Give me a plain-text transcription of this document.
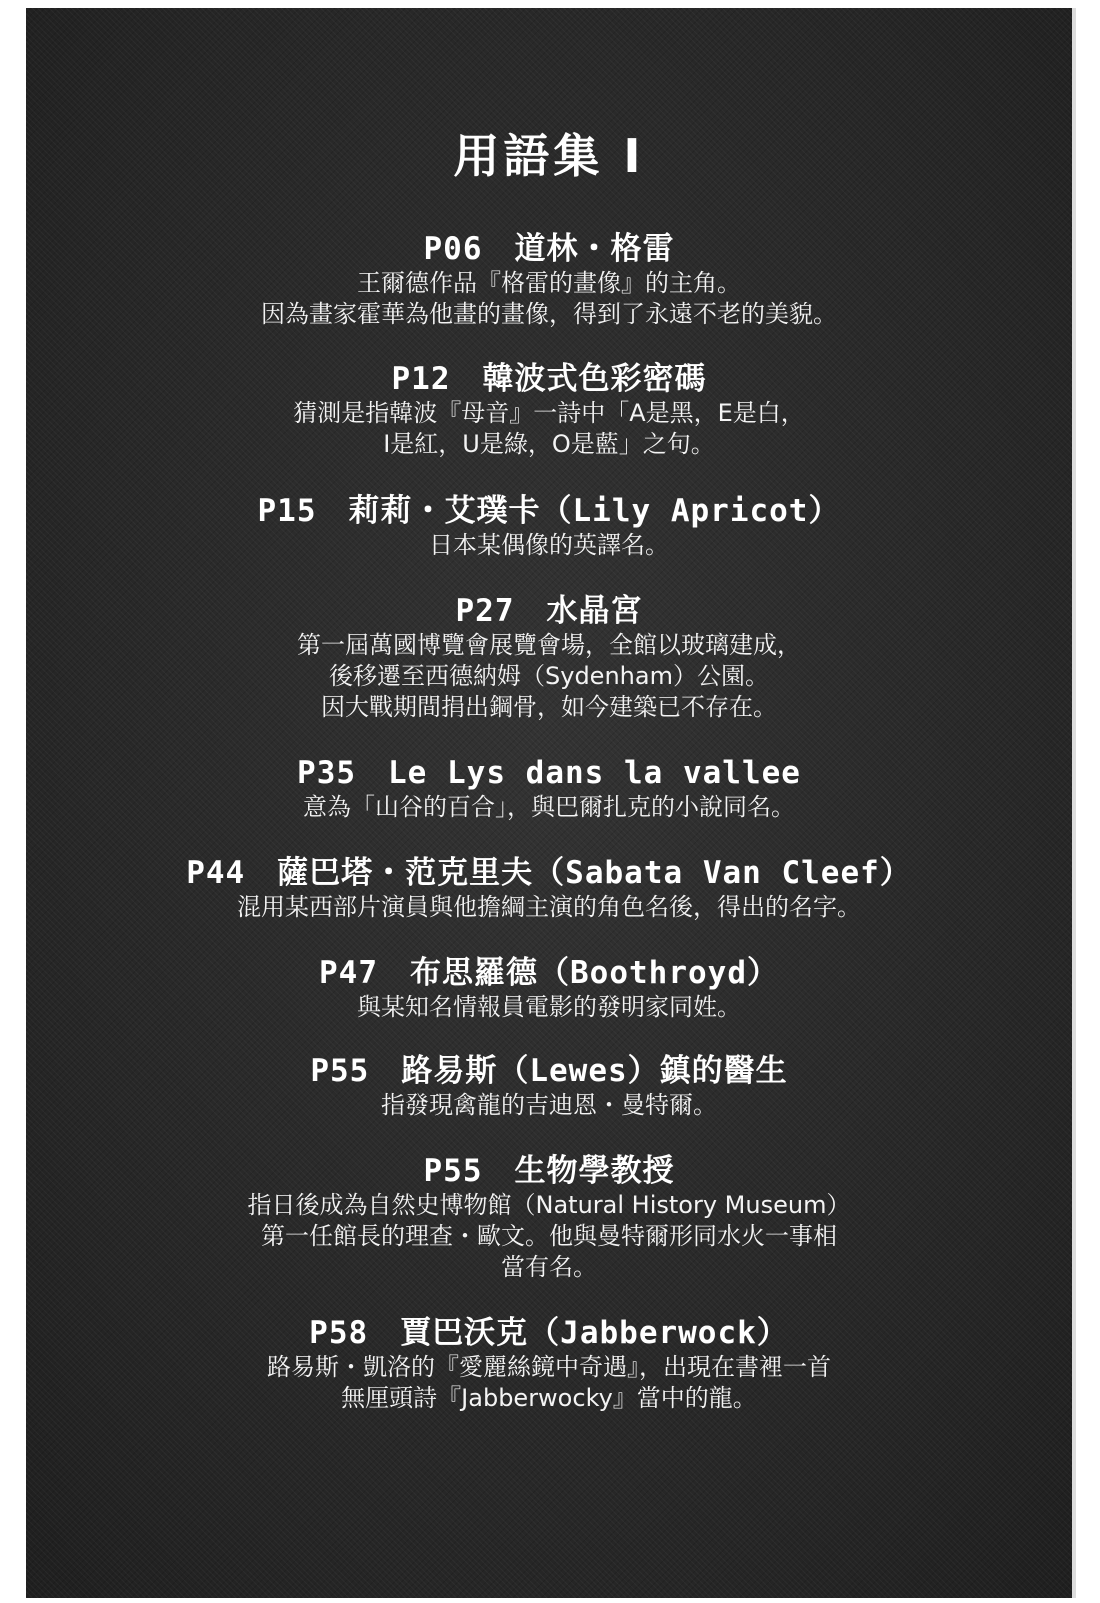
用語集 I
P06　道林・格雷
王爾德作品『格雷的畫像』的主角。
因為畫家霍華為他畫的畫像，得到了永遠不老的美貌。
P12　韓波式色彩密碼
猜測是指韓波『母音』一詩中「A是黑，E是白，
I是紅，U是綠，O是藍」之句。
P15　莉莉・艾璞卡（Lily Apricot）
日本某偶像的英譯名。
P27　水晶宮
第一屆萬國博覽會展覽會場，全館以玻璃建成，
後移遷至西德納姆（Sydenham）公園。
因大戰期間捐出鋼骨，如今建築已不存在。
P35　Le Lys dans la vallee
意為「山谷的百合」，與巴爾扎克的小說同名。
P44　薩巴塔・范克里夫（Sabata Van Cleef）
混用某西部片演員與他擔綱主演的角色名後，得出的名字。
P47　布思羅德（Boothroyd）
與某知名情報員電影的發明家同姓。
P55　路易斯（Lewes）鎮的醫生
指發現禽龍的吉迪恩・曼特爾。
P55　生物學教授
指日後成為自然史博物館（Natural History Museum）
第一任館長的理查・歐文。他與曼特爾形同水火一事相
當有名。
P58　賈巴沃克（Jabberwock）
路易斯・凱洛的『愛麗絲鏡中奇遇』，出現在書裡一首
無厘頭詩『Jabberwocky』當中的龍。
